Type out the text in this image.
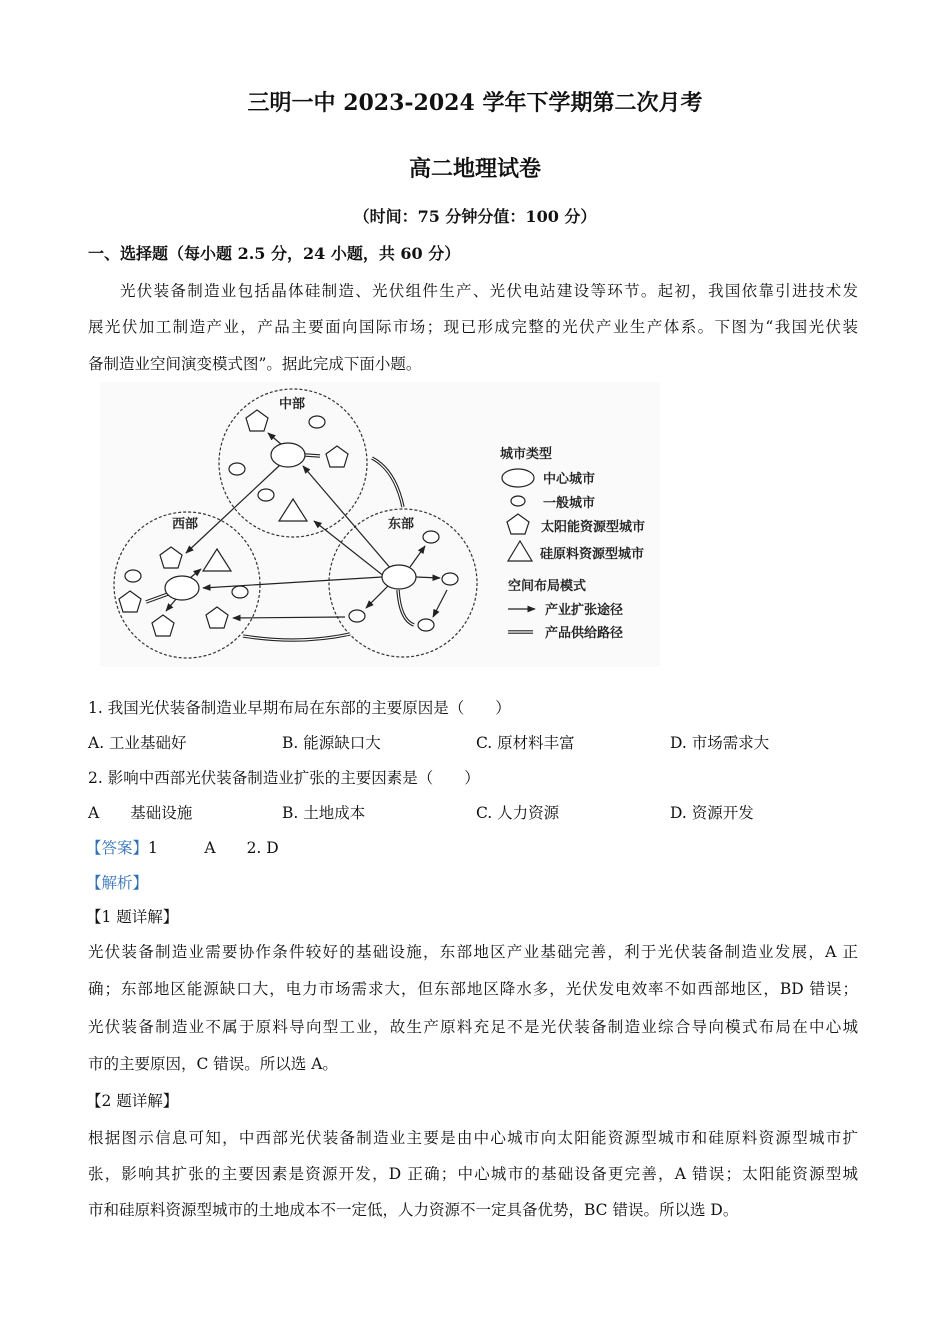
三明一中 2023-2024 学年下学期第二次月考
高二地理试卷
（时间：75 分钟分值：100 分）
一、选择题（每小题 2.5 分，24 小题，共 60 分）
光伏装备制造业包括晶体硅制造、光伏组件生产、光伏电站建设等环节。起初，我国依靠引进技术发
展光伏加工制造产业，产品主要面向国际市场；现已形成完整的光伏产业生产体系。下图为“我国光伏装
备制造业空间演变模式图”。据此完成下面小题。
中部
西部	东部
城市类型
中心城市
一般城市
太阳能资源型城市
硅原料资源型城市
空间布局模式
产业扩张途径
产品供给路径
1. 我国光伏装备制造业早期布局在东部的主要原因是（　　）
A. 工业基础好	B. 能源缺口大	C. 原材料丰富	D. 市场需求大
2. 影响中西部光伏装备制造业扩张的主要因素是（　　）
A　　基础设施	B. 土地成本	C. 人力资源	D. 资源开发
【答案】1　　　A　　2. D
【解析】
【1 题详解】
光伏装备制造业需要协作条件较好的基础设施，东部地区产业基础完善，利于光伏装备制造业发展，A 正
确；东部地区能源缺口大，电力市场需求大，但东部地区降水多，光伏发电效率不如西部地区，BD 错误；
光伏装备制造业不属于原料导向型工业，故生产原料充足不是光伏装备制造业综合导向模式布局在中心城
市的主要原因，C 错误。所以选 A。
【2 题详解】
根据图示信息可知，中西部光伏装备制造业主要是由中心城市向太阳能资源型城市和硅原料资源型城市扩
张，影响其扩张的主要因素是资源开发，D 正确；中心城市的基础设备更完善，A 错误；太阳能资源型城
市和硅原料资源型城市的土地成本不一定低，人力资源不一定具备优势，BC 错误。所以选 D。
